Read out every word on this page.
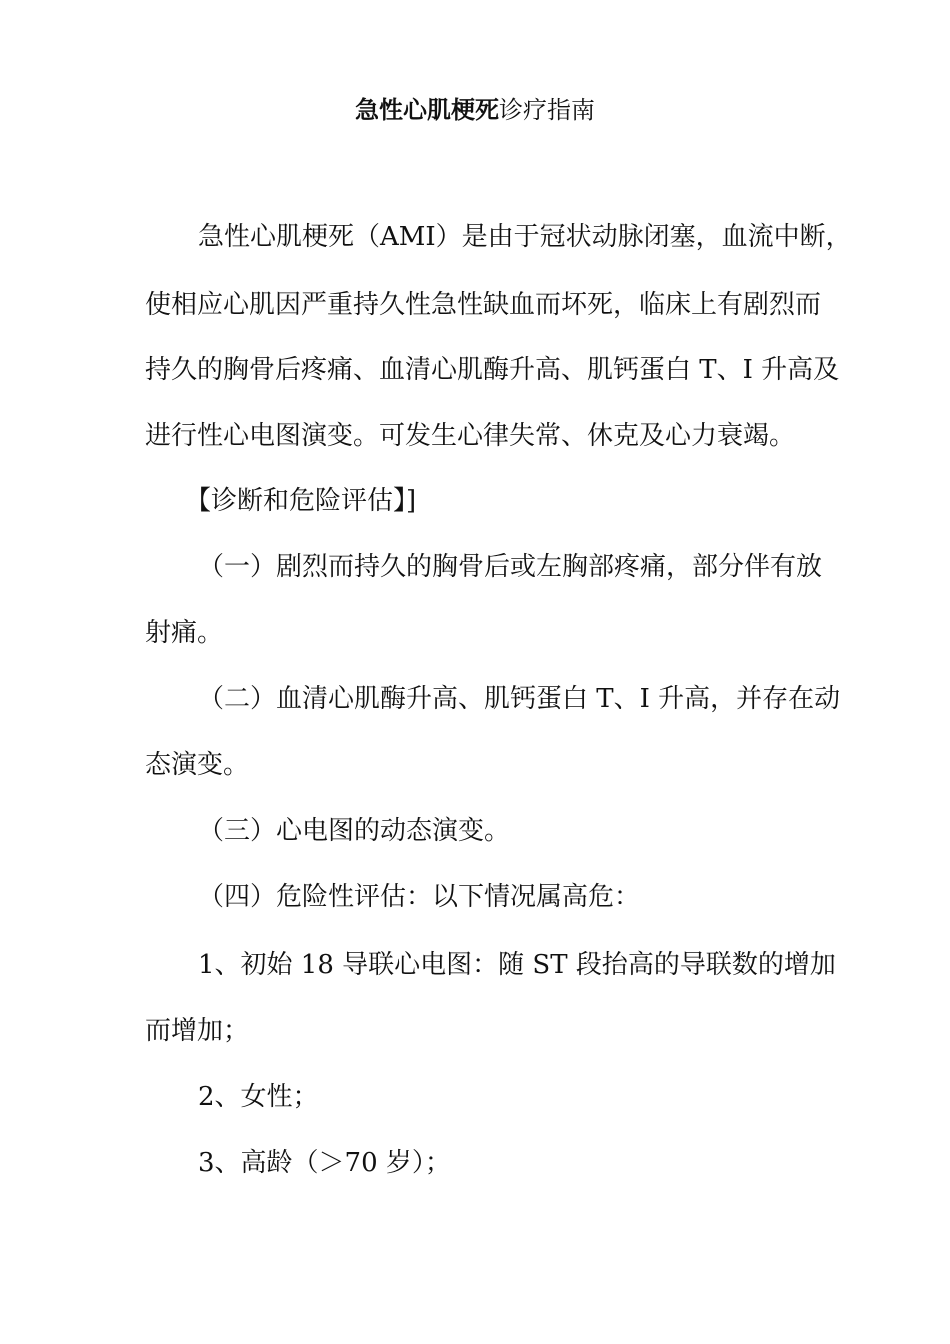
急性心肌梗死诊疗指南
急性心肌梗死（AMI）是由于冠状动脉闭塞，血流中断，
使相应心肌因严重持久性急性缺血而坏死，临床上有剧烈而
持久的胸骨后疼痛、血清心肌酶升高、肌钙蛋白 T、I 升高及
进行性心电图演变。可发生心律失常、休克及心力衰竭。
【诊断和危险评估】]
（一）剧烈而持久的胸骨后或左胸部疼痛，部分伴有放
射痛。
（二）血清心肌酶升高、肌钙蛋白 T、I 升高，并存在动
态演变。
（三）心电图的动态演变。
（四）危险性评估：以下情况属高危：
1、初始 18 导联心电图：随 ST 段抬高的导联数的增加
而增加；
2、女性；
3、高龄（＞70 岁）；
